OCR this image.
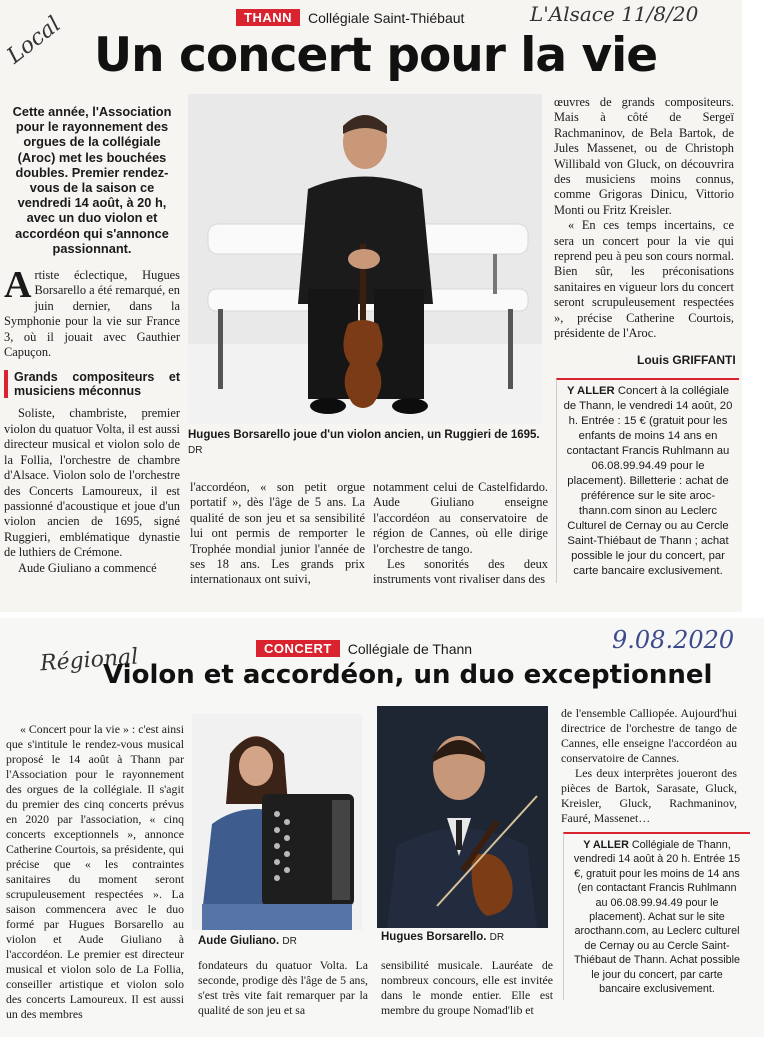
Local	L'Alsace 11/8/20
THANN	Collégiale Saint-Thiébaut
Un concert pour la vie
Cette année, l'Association pour le rayonnement des orgues de la collégiale (Aroc) met les bouchées doubles. Premier rendez-vous de la saison ce vendredi 14 août, à 20 h, avec un duo violon et accordéon qui s'annonce passionnant.
A rtiste éclectique, Hugues Borsarello a été remarqué, en juin dernier, dans la Symphonie pour la vie sur France 3, où il jouait avec Gauthier Capuçon.
Grands compositeurs et musiciens méconnus

Soliste, chambriste, premier violon du quatuor Volta, il est aussi directeur musical et violon solo de la Follia, l'orchestre de chambre d'Alsace. Violon solo de l'orchestre des Concerts Lamoureux, il est passionné d'acoustique et joue d'un violon ancien de 1695, signé Ruggieri, emblématique dynastie de luthiers de Crémone.

Aude Giuliano a commencé

Hugues Borsarello joue d'un violon ancien, un Ruggieri de 1695. DR

l'accordéon, « son petit orgue portatif », dès l'âge de 5 ans. La qualité de son jeu et sa sensibilité lui ont permis de remporter le Trophée mondial junior l'année de ses 18 ans. Les grands prix internationaux ont suivi,

notamment celui de Castelfidardo. Aude Giuliano enseigne l'accordéon au conservatoire de région de Cannes, où elle dirige l'orchestre de tango.

Les sonorités des deux instruments vont rivaliser dans des

œuvres de grands compositeurs. Mais à côté de Sergeï Rachmaninov, de Bela Bartok, de Jules Massenet, ou de Christoph Willibald von Gluck, on découvrira des musiciens moins connus, comme Grigoras Dinicu, Vittorio Monti ou Fritz Kreisler.

« En ces temps incertains, ce sera un concert pour la vie qui reprend peu à peu son cours normal. Bien sûr, les préconisations sanitaires en vigueur lors du concert seront scrupuleusement respectées », précise Catherine Courtois, présidente de l'Aroc.

Louis GRIFFANTI
Y ALLER Concert à la collégiale de Thann, le vendredi 14 août, 20 h. Entrée : 15 € (gratuit pour les enfants de moins 14 ans en contactant Francis Ruhlmann au 06.08.99.94.49 pour le placement). Billetterie : achat de préférence sur le site aroc-thann.com sinon au Leclerc Culturel de Cernay ou au Cercle Saint-Thiébaut de Thann ; achat possible le jour du concert, par carte bancaire exclusivement.
Régional
9.08.2020
CONCERT	Collégiale de Thann
Violon et accordéon, un duo exceptionnel

« Concert pour la vie » : c'est ainsi que s'intitule le rendez-vous musical proposé le 14 août à Thann par l'Association pour le rayonnement des orgues de la collégiale. Il s'agit du premier des cinq concerts prévus en 2020 par l'association, « cinq concerts exceptionnels », annonce Catherine Courtois, sa présidente, qui précise que « les contraintes sanitaires du moment seront scrupuleusement respectées ». La saison commencera avec le duo formé par Hugues Borsarello au violon et Aude Giuliano à l'accordéon. Le premier est directeur musical et violon solo de La Follia, conseiller artistique et violon solo des concerts Lamoureux. Il est aussi un des membres

Aude Giuliano. DR	Hugues Borsarello. DR

fondateurs du quatuor Volta. La seconde, prodige dès l'âge de 5 ans, s'est très vite fait remarquer par la qualité de son jeu et sa

sensibilité musicale. Lauréate de nombreux concours, elle est invitée dans le monde entier. Elle est membre du groupe Nomad'lib et

de l'ensemble Calliopée. Aujourd'hui directrice de l'orchestre de tango de Cannes, elle enseigne l'accordéon au conservatoire de Cannes.

Les deux interprètes joueront des pièces de Bartok, Sarasate, Gluck, Kreisler, Gluck, Rachmaninov, Fauré, Massenet…

Y ALLER Collégiale de Thann, vendredi 14 août à 20 h. Entrée 15 €, gratuit pour les moins de 14 ans (en contactant Francis Ruhlmann au 06.08.99.94.49 pour le placement). Achat sur le site arocthann.com, au Leclerc culturel de Cernay ou au Cercle Saint-Thiébaut de Thann. Achat possible le jour du concert, par carte bancaire exclusivement.
